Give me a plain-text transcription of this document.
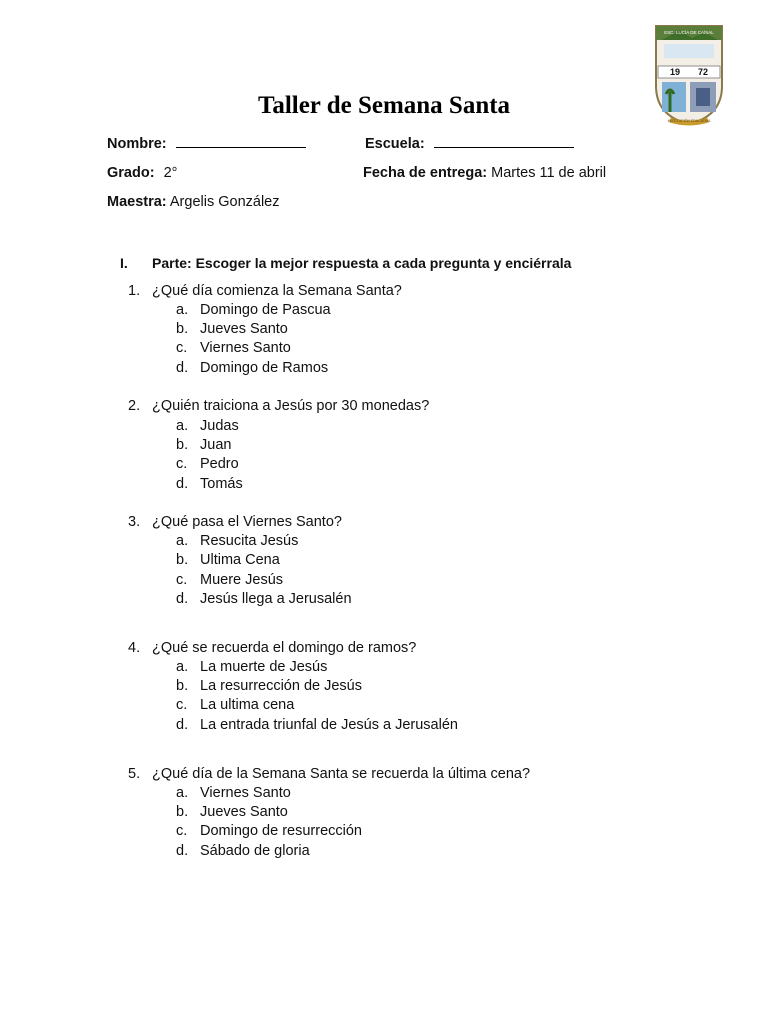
ESC. LUCÍA DE CAÍSAL
19 72
INSTITUCIÓN EDUCATIVA
Taller de Semana Santa
Nombre:	Escuela:
Grado: 2°	Fecha de entrega: Martes 11 de abril
Maestra: Argelis González
I. Parte: Escoger la mejor respuesta a cada pregunta y enciérrala
1. ¿Qué día comienza la Semana Santa?
a. Domingo de Pascua
b. Jueves Santo
c. Viernes Santo
d. Domingo de Ramos
2. ¿Quién traiciona a Jesús por 30 monedas?
a. Judas
b. Juan
c. Pedro
d. Tomás
3. ¿Qué pasa el Viernes Santo?
a. Resucita Jesús
b. Ultima Cena
c. Muere Jesús
d. Jesús llega a Jerusalén
4. ¿Qué se recuerda el domingo de ramos?
a. La muerte de Jesús
b. La resurrección de Jesús
c. La ultima cena
d. La entrada triunfal de Jesús a Jerusalén
5. ¿Qué día de la Semana Santa se recuerda la última cena?
a. Viernes Santo
b. Jueves Santo
c. Domingo de resurrección
d. Sábado de gloria
